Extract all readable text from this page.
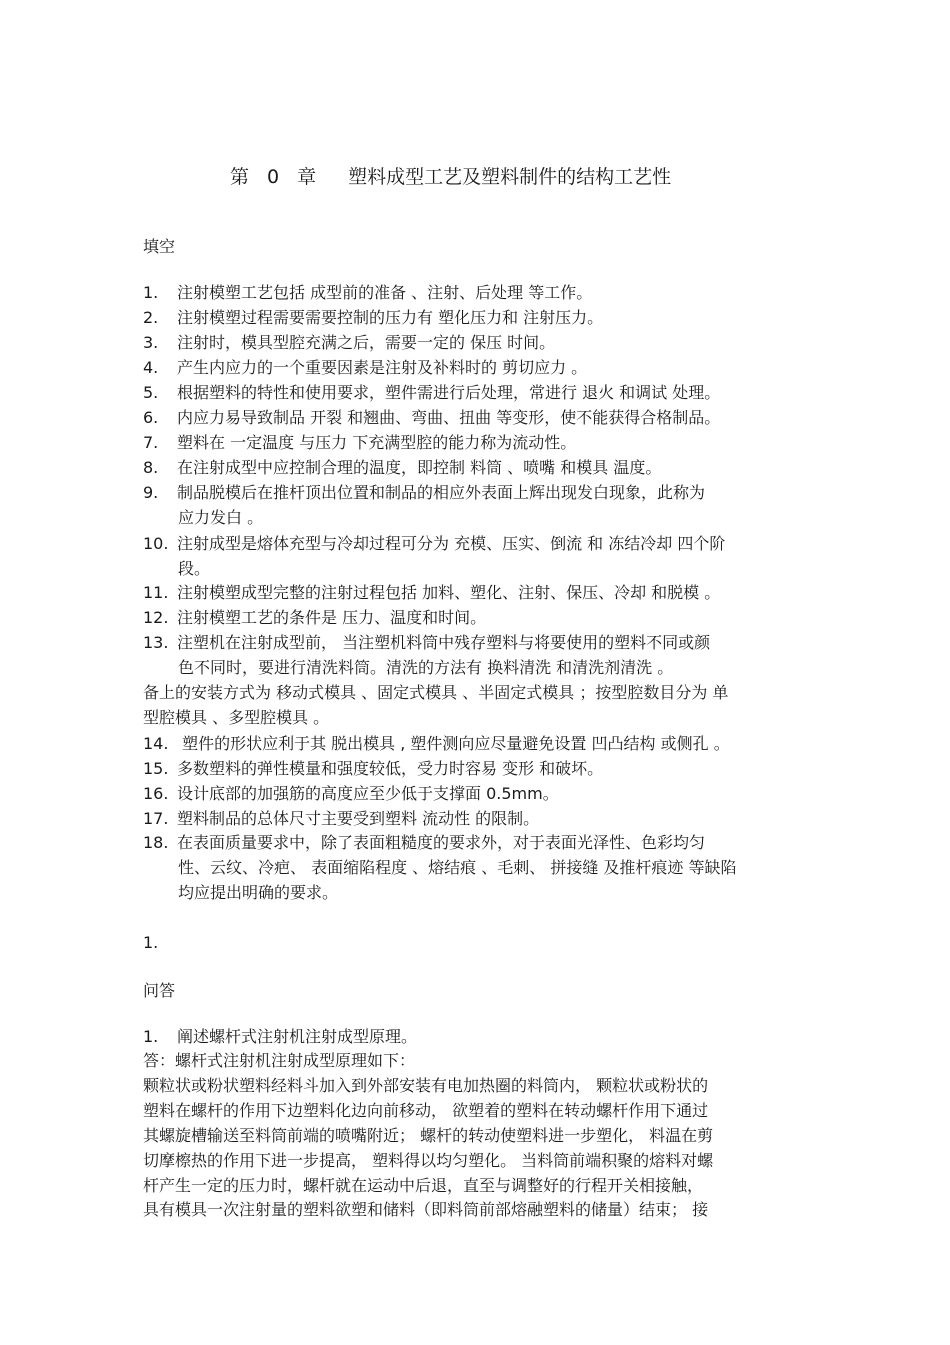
第 0 章 塑料成型工艺及塑料制件的结构工艺性
填空
1. 注射模塑工艺包括 成型前的准备 、注射、后处理 等工作。
2. 注射模塑过程需要需要控制的压力有 塑化压力和 注射压力。
3. 注射时，模具型腔充满之后，需要一定的 保压 时间。
4. 产生内应力的一个重要因素是注射及补料时的 剪切应力 。
5. 根据塑料的特性和使用要求，塑件需进行后处理，常进行 退火 和调试 处理。
6. 内应力易导致制品 开裂 和翘曲、弯曲、扭曲 等变形，使不能获得合格制品。
7. 塑料在 一定温度 与压力 下充满型腔的能力称为流动性。
8. 在注射成型中应控制合理的温度，即控制 料筒 、喷嘴 和模具 温度。
9. 制品脱模后在推杆顶出位置和制品的相应外表面上辉出现发白现象，此称为
应力发白 。
10. 注射成型是熔体充型与冷却过程可分为 充模、压实、倒流 和 冻结冷却 四个阶
段。
11. 注射模塑成型完整的注射过程包括 加料、塑化、注射、保压、冷却 和脱模 。
12. 注射模塑工艺的条件是 压力、温度和时间。
13. 注塑机在注射成型前， 当注塑机料筒中残存塑料与将要使用的塑料不同或颜
色不同时，要进行清洗料筒。清洗的方法有 换料清洗 和清洗剂清洗 。
备上的安装方式为 移动式模具 、固定式模具 、半固定式模具 ；按型腔数目分为 单
型腔模具 、多型腔模具 。
14. 塑件的形状应利于其 脱出模具 , 塑件测向应尽量避免设置 凹凸结构 或侧孔 。
15. 多数塑料的弹性模量和强度较低，受力时容易 变形 和破坏。
16. 设计底部的加强筋的高度应至少低于支撑面 0.5mm。
17. 塑料制品的总体尺寸主要受到塑料 流动性 的限制。
18. 在表面质量要求中，除了表面粗糙度的要求外，对于表面光泽性、色彩均匀
性、云纹、冷疤、 表面缩陷程度 、熔结痕 、毛刺、 拼接缝 及推杆痕迹 等缺陷
均应提出明确的要求。
1.
问答
1. 阐述螺杆式注射机注射成型原理。
答：螺杆式注射机注射成型原理如下：
颗粒状或粉状塑料经料斗加入到外部安装有电加热圈的料筒内， 颗粒状或粉状的
塑料在螺杆的作用下边塑料化边向前移动， 欲塑着的塑料在转动螺杆作用下通过
其螺旋槽输送至料筒前端的喷嘴附近； 螺杆的转动使塑料进一步塑化， 料温在剪
切摩檫热的作用下进一步提高， 塑料得以均匀塑化。 当料筒前端积聚的熔料对螺
杆产生一定的压力时，螺杆就在运动中后退，直至与调整好的行程开关相接触，
具有模具一次注射量的塑料欲塑和储料（即料筒前部熔融塑料的储量）结束； 接
